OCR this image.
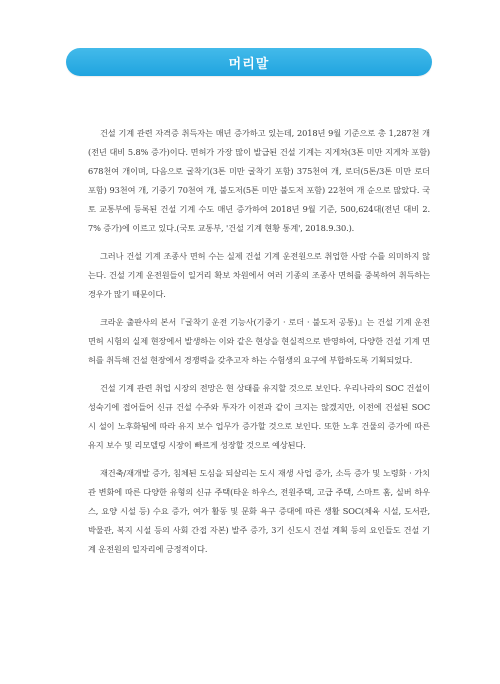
머리말

건설 기계 관련 자격증 취득자는 매년 증가하고 있는데, 2018년 9월 기준으로 총 1,287천 개(전년 대비 5.8% 증가)이다. 면허가 가장 많이 발급된 건설 기계는 지게차(3톤 미만 지게차 포함) 678천여 개이며, 다음으로 굴착기(3톤 미만 굴착기 포함) 375천여 개, 로더(5톤/3톤 미만 로더 포함) 93천여 개, 기중기 70천여 개, 불도저(5톤 미만 불도저 포함) 22천여 개 순으로 많았다. 국토 교통부에 등록된 건설 기계 수도 매년 증가하여 2018년 9월 기준, 500,624대(전년 대비 2.7% 증가)에 이르고 있다.(국토 교통부, '건설 기계 현황 통계', 2018.9.30.).

그러나 건설 기계 조종사 면허 수는 실제 건설 기계 운전원으로 취업한 사람 수를 의미하지 않는다. 건설 기계 운전원들이 일거리 확보 차원에서 여러 기종의 조종사 면허를 중복하여 취득하는 경우가 많기 때문이다.

크라운 출판사의 본서『굴착기 운전 기능사(기중기 · 로더 · 불도저 공통)』는 건설 기계 운전면허 시험의 실제 현장에서 발생하는 이와 같은 현상을 현실적으로 반영하여, 다양한 건설 기계 면허를 취득해 건설 현장에서 경쟁력을 갖추고자 하는 수험생의 요구에 부합하도록 기획되었다.

건설 기계 관련 취업 시장의 전망은 현 상태를 유지할 것으로 보인다. 우리나라의 SOC 건설이 성숙기에 접어들어 신규 건설 수주와 투자가 이전과 같이 크지는 않겠지만, 이전에 건설된 SOC 시 설이 노후화됨에 따라 유지 보수 업무가 증가할 것으로 보인다. 또한 노후 건물의 증가에 따른 유지 보수 및 리모델링 시장이 빠르게 성장할 것으로 예상된다.

재건축/재개발 증가, 침체된 도심을 되살리는 도시 재생 사업 증가, 소득 증가 및 노령화 · 가치관 변화에 따른 다양한 유형의 신규 주택(타운 하우스, 전원주택, 고급 주택, 스마트 홈, 실버 하우스, 요양 시설 등) 수요 증가, 여가 활동 및 문화 욕구 증대에 따른 생활 SOC(체육 시설, 도서관, 박물관, 복지 시설 등의 사회 간접 자본) 발주 증가, 3기 신도시 건설 계획 등의 요인들도 건설 기계 운전원의 일자리에 긍정적이다.
